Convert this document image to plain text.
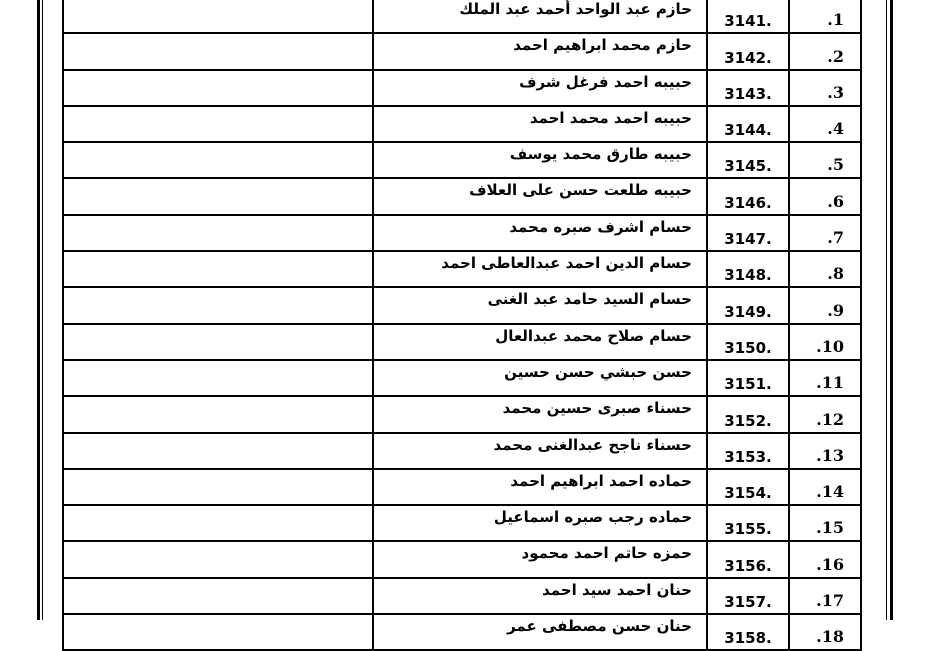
	حازم عبد الواحد أحمد عبد الملك	3141.	.1
	حازم محمد ابراهيم احمد	3142.	.2
	حبيبه احمد فرغل شرف	3143.	.3
	حبيبه احمد محمد احمد	3144.	.4
	حبيبه طارق محمد يوسف	3145.	.5
	حبيبه طلعت حسن على العلاف	3146.	.6
	حسام اشرف صبره محمد	3147.	.7
	حسام الدين احمد عبدالعاطى احمد	3148.	.8
	حسام السيد حامد عبد الغنى	3149.	.9
	حسام صلاح محمد عبدالعال	3150.	.10
	حسن حبشي حسن حسين	3151.	.11
	حسناء صبرى حسين محمد	3152.	.12
	حسناء ناجح عبدالغنى محمد	3153.	.13
	حماده احمد ابراهيم احمد	3154.	.14
	حماده رجب صبره اسماعيل	3155.	.15
	حمزه حاتم احمد محمود	3156.	.16
	حنان احمد سيد احمد	3157.	.17
	حنان حسن مصطفى عمر	3158.	.18
